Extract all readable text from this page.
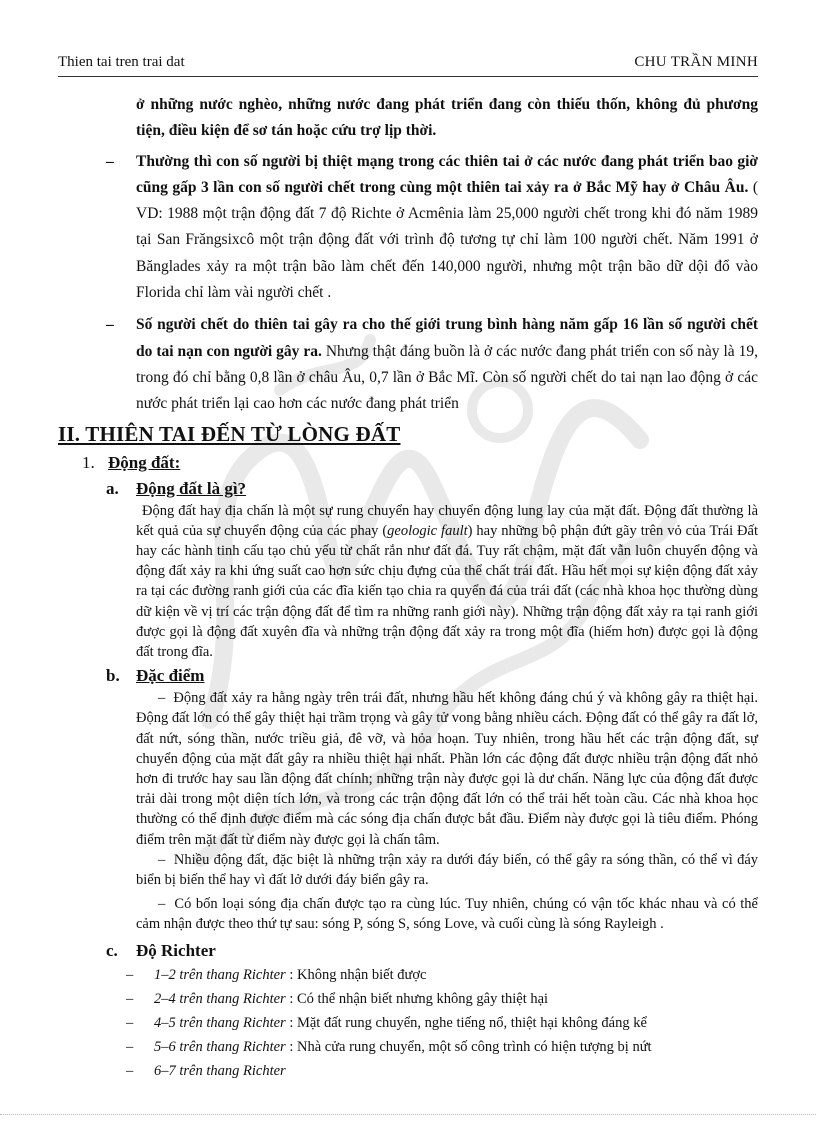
Thien tai tren trai dat	CHU TRẦN MINH
ở những nước nghèo, những nước đang phát triển đang còn thiếu thốn, không đủ phương tiện, điều kiện để sơ tán hoặc cứu trợ lịp thời.
– Thường thì con số người bị thiệt mạng trong các thiên tai ở các nước đang phát triển bao giờ cũng gấp 3 lần con số người chết trong cùng một thiên tai xảy ra ở Bắc Mỹ hay ở Châu Âu. ( VD: 1988 một trận động đất 7 độ Richte ở Acmênia làm 25,000 người chết trong khi đó năm 1989 tại San Frăngsixcô một trận động đất với trình độ tương tự chỉ làm 100 người chết. Năm 1991 ở Bănglades xảy ra một trận bão làm chết đến 140,000 người, nhưng một trận bão dữ dội đổ vào Florida chỉ làm vài người chết .
– Số người chết do thiên tai gây ra cho thế giới trung bình hàng năm gấp 16 lần số người chết do tai nạn con người gây ra. Nhưng thật đáng buồn là ở các nước đang phát triển con số này là 19, trong đó chỉ bằng 0,8 lần ở châu Âu, 0,7 lần ở Bắc Mĩ. Còn số người chết do tai nạn lao động ở các nước phát triển lại cao hơn các nước đang phát triển
II. THIÊN TAI ĐẾN TỪ LÒNG ĐẤT
1. Động đất:
a. Động đất là gì?
Động đất hay địa chấn là một sự rung chuyển hay chuyển động lung lay của mặt đất. Động đất thường là kết quả của sự chuyển động của các phay (geologic fault) hay những bộ phận đứt gãy trên vỏ của Trái Đất hay các hành tinh cấu tạo chủ yếu từ chất rắn như đất đá. Tuy rất chậm, mặt đất vẫn luôn chuyển động và động đất xảy ra khi ứng suất cao hơn sức chịu đựng của thể chất trái đất. Hầu hết mọi sự kiện động đất xảy ra tại các đường ranh giới của các đĩa kiến tạo chia ra quyển đá của trái đất (các nhà khoa học thường dùng dữ kiện về vị trí các trận động đất để tìm ra những ranh giới này). Những trận động đất xảy ra tại ranh giới được gọi là động đất xuyên đĩa và những trận động đất xảy ra trong một đĩa (hiếm hơn) được gọi là động đất trong đĩa.
b. Đặc điểm
– Động đất xảy ra hằng ngày trên trái đất, nhưng hầu hết không đáng chú ý và không gây ra thiệt hại. Động đất lớn có thể gây thiệt hại trầm trọng và gây tử vong bằng nhiều cách. Động đất có thể gây ra đất lở, đất nứt, sóng thần, nước triều giả, đê vỡ, và hỏa hoạn. Tuy nhiên, trong hầu hết các trận động đất, sự chuyển động của mặt đất gây ra nhiều thiệt hại nhất. Phần lớn các động đất được nhiều trận động đất nhỏ hơn đi trước hay sau lần động đất chính; những trận này được gọi là dư chấn. Năng lực của động đất được trải dài trong một diện tích lớn, và trong các trận động đất lớn có thể trải hết toàn cầu. Các nhà khoa học thường có thể định được điểm mà các sóng địa chấn được bắt đầu. Điểm này được gọi là tiêu điểm. Phóng điểm trên mặt đất từ điểm này được gọi là chấn tâm.
– Nhiều động đất, đặc biệt là những trận xảy ra dưới đáy biển, có thể gây ra sóng thần, có thể vì đáy biển bị biến thể hay vì đất lở dưới đáy biển gây ra.
– Có bốn loại sóng địa chấn được tạo ra cùng lúc. Tuy nhiên, chúng có vận tốc khác nhau và có thể cảm nhận được theo thứ tự sau: sóng P, sóng S, sóng Love, và cuối cùng là sóng Rayleigh .
c. Độ Richter
– 1–2 trên thang Richter : Không nhận biết được
– 2–4 trên thang Richter : Có thể nhận biết nhưng không gây thiệt hại
– 4–5 trên thang Richter : Mặt đất rung chuyển, nghe tiếng nổ, thiệt hại không đáng kể
– 5–6 trên thang Richter : Nhà cửa rung chuyển, một số công trình có hiện tượng bị nứt
– 6–7 trên thang Richter
